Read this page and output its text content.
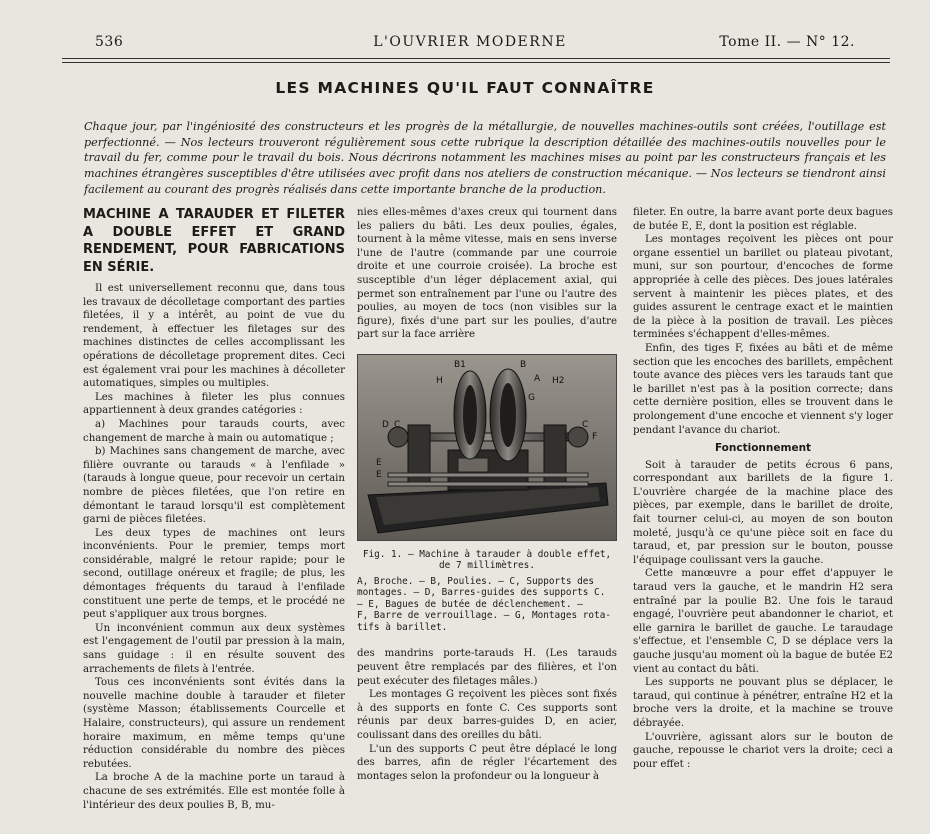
536	L'OUVRIER MODERNE	Tome II. — N° 12.
LES MACHINES QU'IL FAUT CONNAÎTRE
Chaque jour, par l'ingéniosité des constructeurs et les progrès de la métallurgie, de nouvelles machines-outils sont créées, l'outillage est perfectionné. — Nos lecteurs trouveront régulièrement sous cette rubrique la description détaillée des machines-outils nouvelles pour le travail du fer, comme pour le travail du bois. Nous décrirons notamment les machines mises au point par les constructeurs français et les machines étrangères susceptibles d'être utilisées avec profit dans nos ateliers de construction mécanique. — Nos lecteurs se tiendront ainsi facilement au courant des progrès réalisés dans cette importante branche de la production.
MACHINE A TARAUDER ET FILETER A DOUBLE EFFET ET GRAND RENDEMENT, POUR FABRICATIONS EN SÉRIE.

Il est universellement reconnu que, dans tous les travaux de décolletage comportant des parties filetées, il y a intérêt, au point de vue du rendement, à effectuer les filetages sur des machines distinctes de celles accomplissant les opérations de décolletage proprement dites. Ceci est également vrai pour les machines à décolleter automatiques, simples ou multiples.

Les machines à fileter les plus connues appartiennent à deux grandes catégories :

a) Machines pour tarauds courts, avec changement de marche à main ou automatique ;

b) Machines sans changement de marche, avec filière ouvrante ou tarauds « à l'enfilade » (tarauds à longue queue, pour recevoir un certain nombre de pièces filetées, que l'on retire en démontant le taraud lorsqu'il est complètement garni de pièces filetées.

Les deux types de machines ont leurs inconvénients. Pour le premier, temps mort considérable, malgré le retour rapide; pour le second, outillage onéreux et fragile; de plus, les démontages fréquents du taraud à l'enfilade constituent une perte de temps, et le procédé ne peut s'appliquer aux trous borgnes.

Un inconvénient commun aux deux systèmes est l'engagement de l'outil par pression à la main, sans guidage : il en résulte souvent des arrachements de filets à l'entrée.

Tous ces inconvénients sont évités dans la nouvelle machine double à tarauder et fileter (système Masson; établissements Courcelle et Halaire, constructeurs), qui assure un rendement horaire maximum, en même temps qu'une réduction considérable du nombre des pièces rebutées.

La broche A de la machine porte un taraud à chacune de ses extrémités. Elle est montée folle à l'intérieur des deux poulies B, B, mu-

nies elles-mêmes d'axes creux qui tournent dans les paliers du bâti. Les deux poulies, égales, tournent à la même vitesse, mais en sens inverse l'une de l'autre (commande par une courroie droite et une courroie croisée). La broche est susceptible d'un léger déplacement axial, qui permet son entraînement par l'une ou l'autre des poulies, au moyen de tocs (non visibles sur la figure), fixés d'une part sur les poulies, d'autre part sur la face arrière

B1	B
H	A H2
D C
E
G
F
C
E
Fig. 1. — Machine à tarauder à double effet, de 7 millimètres.
A, Broche. — B, Poulies. — C, Supports des
montages. — D, Barres-guides des supports C.
— E, Bagues de butée de déclenchement. —
F, Barre de verrouillage. — G, Montages rota-
tifs à barillet.

des mandrins porte-tarauds H. (Les tarauds peuvent être remplacés par des filières, et l'on peut exécuter des filetages mâles.)

Les montages G reçoivent les pièces sont fixés à des supports en fonte C. Ces supports sont réunis par deux barres-guides D, en acier, coulissant dans des oreilles du bâti.

L'un des supports C peut être déplacé le long des barres, afin de régler l'écartement des montages selon la profondeur ou la longueur à

fileter. En outre, la barre avant porte deux bagues de butée E, E, dont la position est réglable.

Les montages reçoivent les pièces ont pour organe essentiel un barillet ou plateau pivotant, muni, sur son pourtour, d'encoches de forme appropriée à celle des pièces. Des joues latérales servent à maintenir les pièces plates, et des guides assurent le centrage exact et le maintien de la pièce à la position de travail. Les pièces terminées s'échappent d'elles-mêmes.

Enfin, des tiges F, fixées au bâti et de même section que les encoches des barillets, empêchent toute avance des pièces vers les tarauds tant que le barillet n'est pas à la position correcte; dans cette dernière position, elles se trouvent dans le prolongement d'une encoche et viennent s'y loger pendant l'avance du chariot.

Fonctionnement

Soit à tarauder de petits écrous 6 pans, correspondant aux barillets de la figure 1. L'ouvrière chargée de la machine place des pièces, par exemple, dans le barillet de droite, fait tourner celui-ci, au moyen de son bouton moleté, jusqu'à ce qu'une pièce soit en face du taraud, et, par pression sur le bouton, pousse l'équipage coulissant vers la gauche.

Cette manœuvre a pour effet d'appuyer le taraud vers la gauche, et le mandrin H2 sera entraîné par la poulie B2. Une fois le taraud engagé, l'ouvrière peut abandonner le chariot, et elle garnira le barillet de gauche. Le taraudage s'effectue, et l'ensemble C, D se déplace vers la gauche jusqu'au moment où la bague de butée E2 vient au contact du bâti.

Les supports ne pouvant plus se déplacer, le taraud, qui continue à pénétrer, entraîne H2 et la broche vers la droite, et la machine se trouve débrayée.

L'ouvrière, agissant alors sur le bouton de gauche, repousse le chariot vers la droite; ceci a pour effet :
